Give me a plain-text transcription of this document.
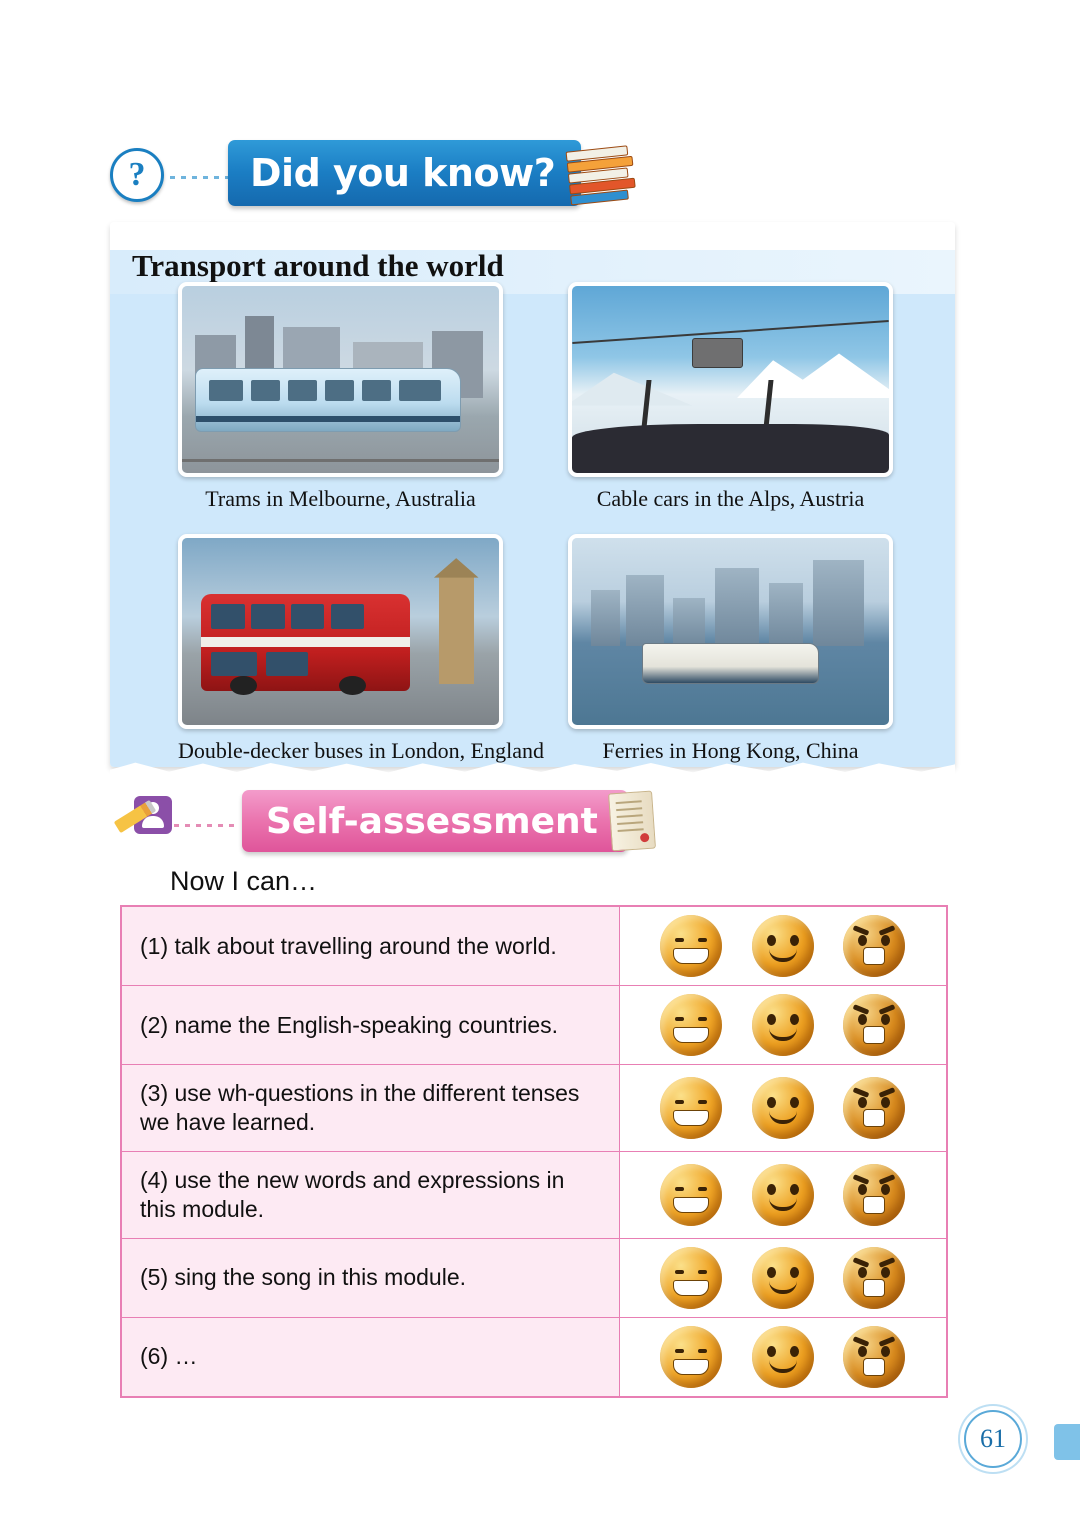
?	Did you know?
Transport around the world
Trams in Melbourne, Australia	Cable cars in the Alps, Austria
Double-decker buses in London, England	Ferries in Hong Kong, China
Self-assessment
Now I can…
(1) talk about travelling around the world.	

(2) name the English-speaking countries.	

(3) use wh-questions in the different tenses we have learned.	

(4) use the new words and expressions in this module.	

(5) sing the song in this module.	

(6) …	
61
